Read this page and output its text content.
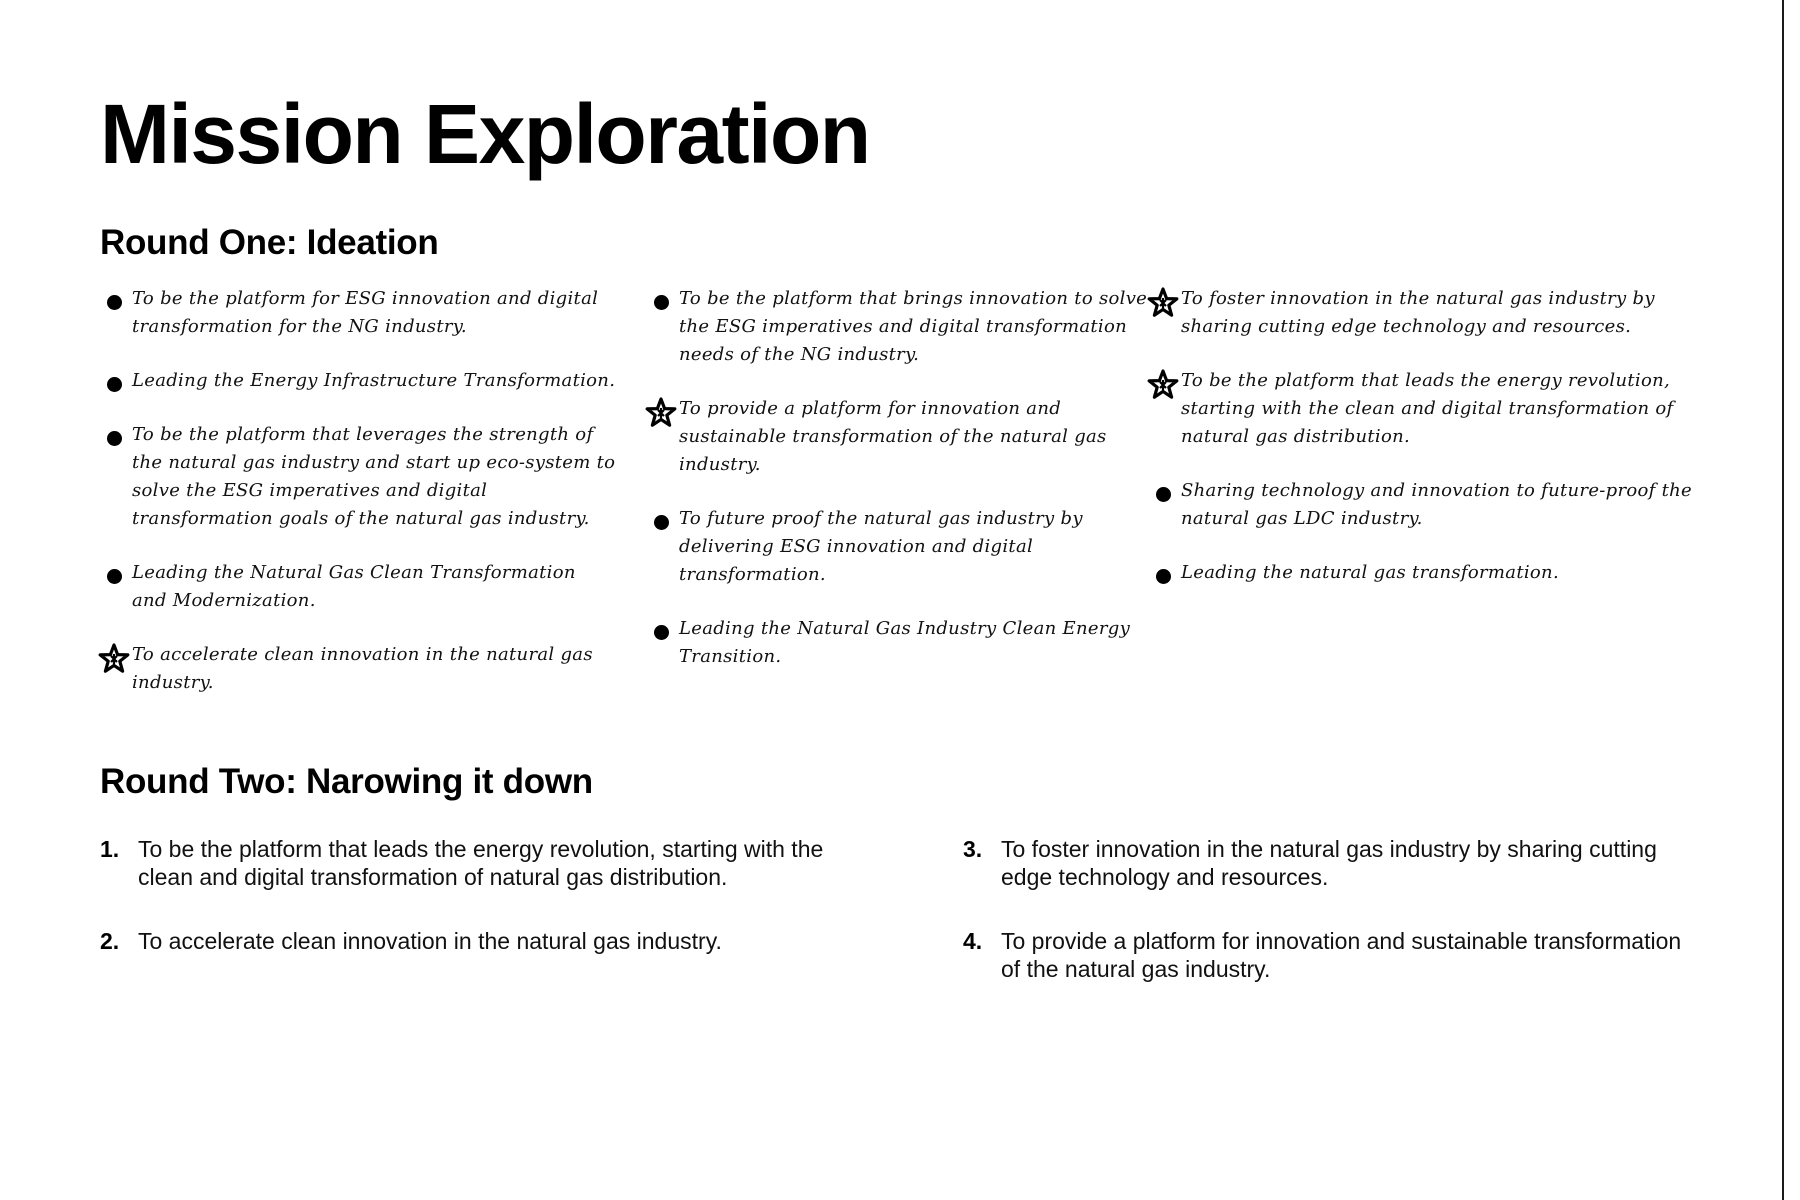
Mission Exploration
Round One: Ideation
To be the platform for ESG innovation and digital transformation for the NG industry.
Leading the Energy Infrastructure Transformation.
To be the platform that leverages the strength of the natural gas industry and start up eco-system to solve the ESG imperatives and digital transformation goals of the natural gas industry.
Leading the Natural Gas Clean Transformation and Modernization.
To accelerate clean innovation in the natural gas industry.
To be the platform that brings innovation to solve the ESG imperatives and digital transformation needs of the NG industry.
To provide a platform for innovation and sustainable transformation of the natural gas industry.
To future proof the natural gas industry by delivering ESG innovation and digital transformation.
Leading the Natural Gas Industry Clean Energy Transition.
To foster innovation in the natural gas industry by sharing cutting edge technology and resources.
To be the platform that leads the energy revolution, starting with the clean and digital transformation of natural gas distribution.
Sharing technology and innovation to future-proof the natural gas LDC industry.
Leading the natural gas transformation.
Round Two: Narowing it down
1. To be the platform that leads the energy revolution, starting with the clean and digital transformation of natural gas distribution.
2. To accelerate clean innovation in the natural gas industry.
3. To foster innovation in the natural gas industry by sharing cutting edge technology and resources.
4. To provide a platform for innovation and sustainable transformation of the natural gas industry.
